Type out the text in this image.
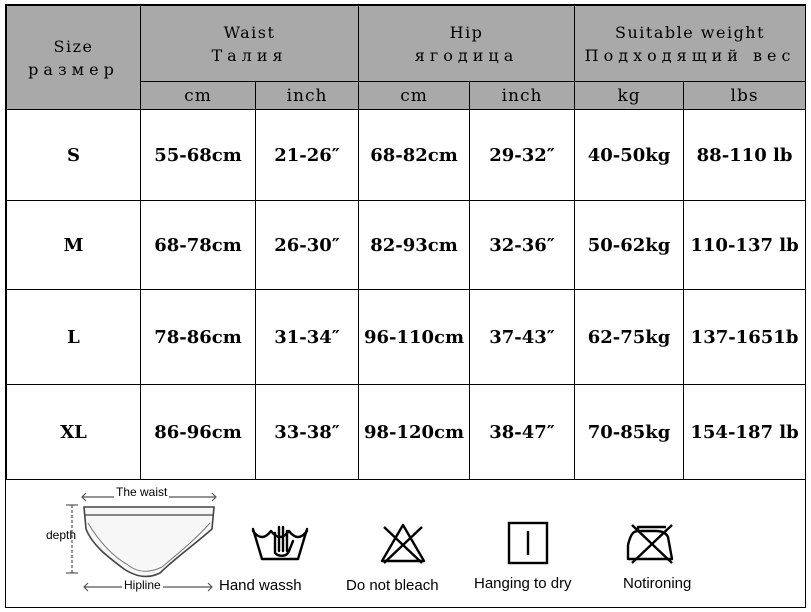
Size
размер	Waist
Талия		Hip
ягодица		Suitable weight
Подходящий вес	

	cm	inch	cm	inch	kg	lbs
S	55-68cm	21-26″	68-82cm	29-32″	40-50kg	88-110 lb
M	68-78cm	26-30″	82-93cm	32-36″	50-62kg	110-137 lb
L	78-86cm	31-34″	96-110cm	37-43″	62-75kg	137-1651b
XL	86-96cm	33-38″	98-120cm	38-47″	70-85kg	154-187 lb
The waist
depth
Hipline	Hand wassh	Do not bleach Hanging to dry	Notironing
